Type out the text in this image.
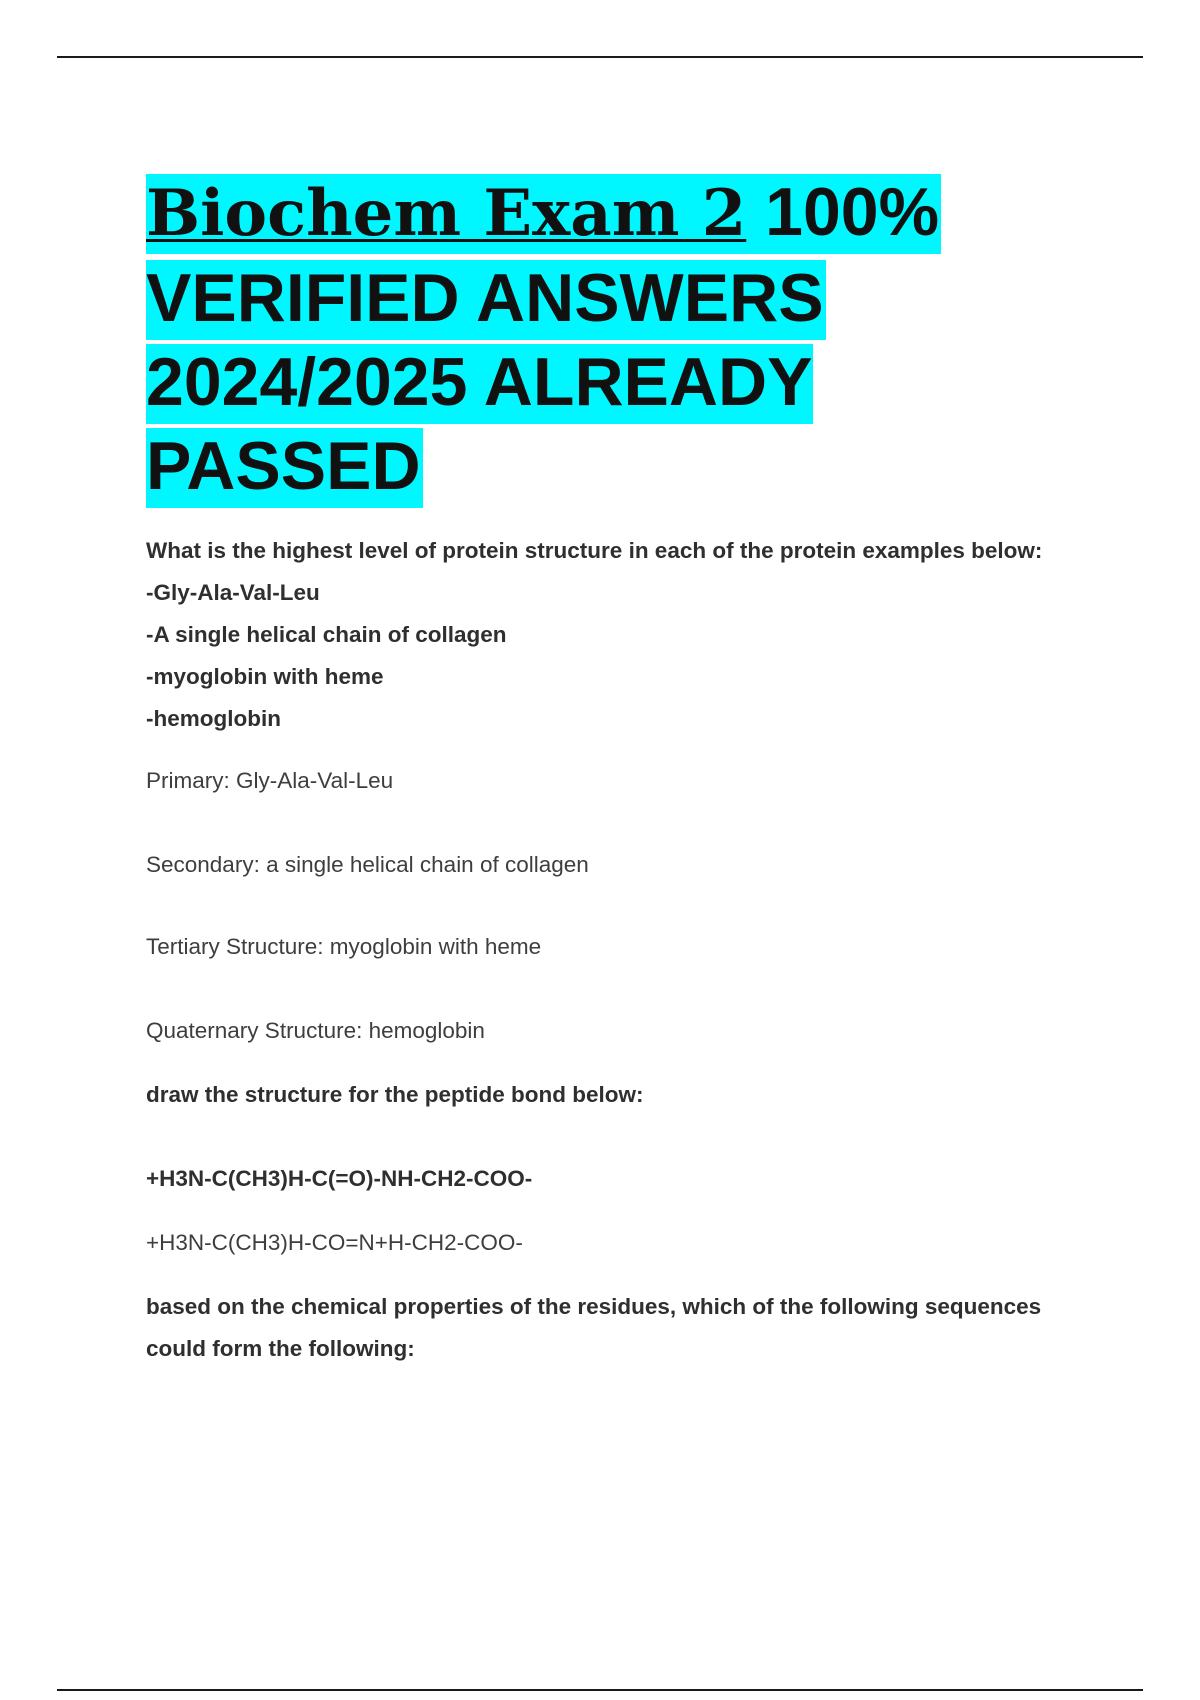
Biochem Exam 2 100% VERIFIED ANSWERS 2024/2025 ALREADY PASSED

What is the highest level of protein structure in each of the protein examples below:

-Gly-Ala-Val-Leu

-A single helical chain of collagen

-myoglobin with heme

-hemoglobin

Primary: Gly-Ala-Val-Leu

Secondary: a single helical chain of collagen

Tertiary Structure: myoglobin with heme

Quaternary Structure: hemoglobin

draw the structure for the peptide bond below:

+H3N-C(CH3)H-C(=O)-NH-CH2-COO-

+H3N-C(CH3)H-CO=N+H-CH2-COO-

based on the chemical properties of the residues, which of the following sequences could form the following:
